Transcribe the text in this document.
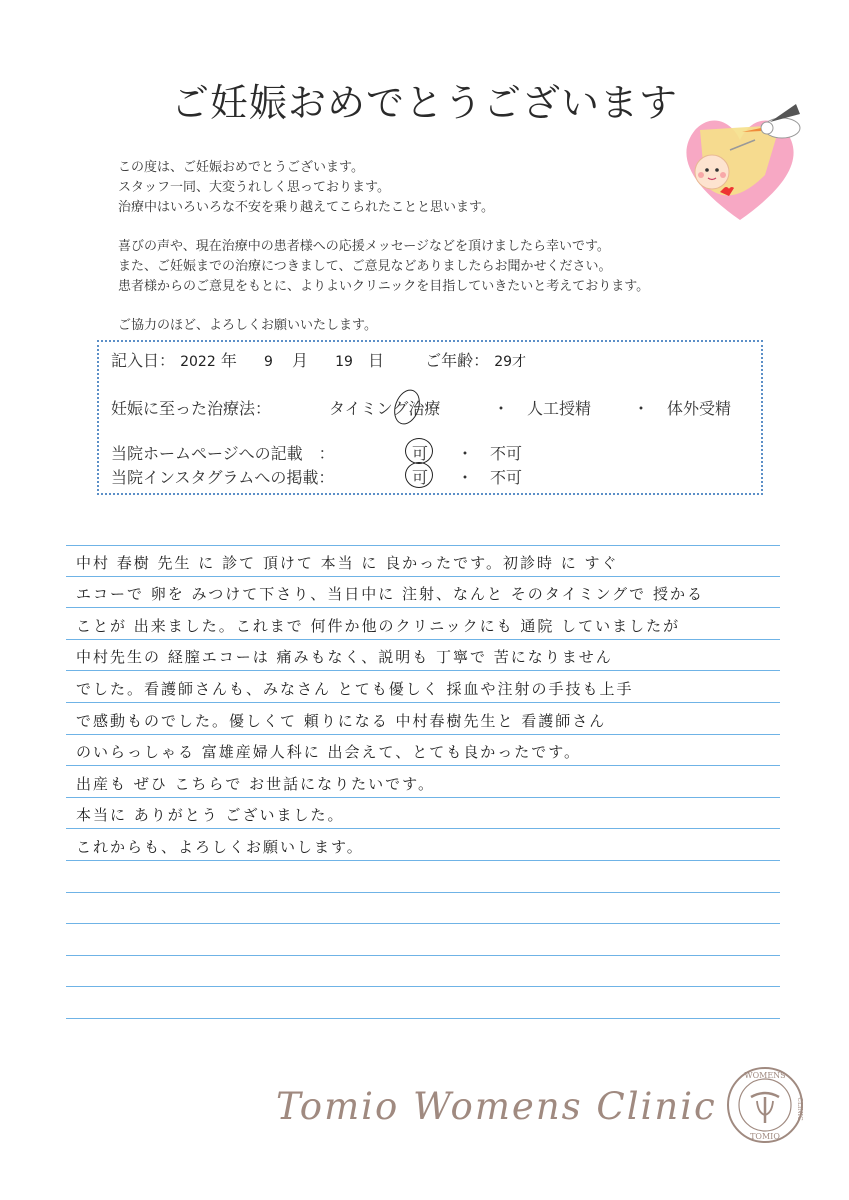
ご妊娠おめでとうございます

この度は、ご妊娠おめでとうございます。

スタッフ一同、大変うれしく思っております。

治療中はいろいろな不安を乗り越えてこられたことと思います。

喜びの声や、現在治療中の患者様への応援メッセージなどを頂けましたら幸いです。

また、ご妊娠までの治療につきまして、ご意見などありましたらお聞かせください。

患者様からのご意見をもとに、よりよいクリニックを目指していきたいと考えております。

ご協力のほど、よろしくお願いいたします。

記入日： 2022 年 9 月 19 日	ご年齢： 29才
妊娠に至った治療法：	タイミング治療	・ 人工授精	・ 体外受精
当院ホームページへの記載　：	可 ・ 不可
当院インスタグラムへの掲載：	可 ・ 不可
中村 春樹 先生 に 診て 頂けて 本当 に 良かったです。初診時 に すぐ
エコーで 卵を みつけて下さり、当日中に 注射、なんと そのタイミングで 授かる
ことが 出来ました。これまで 何件か他のクリニックにも 通院 していましたが
中村先生の 経膣エコーは 痛みもなく、説明も 丁寧で 苦になりません
でした。看護師さんも、みなさん とても優しく 採血や注射の手技も上手
で感動ものでした。優しくて 頼りになる 中村春樹先生と 看護師さん
のいらっしゃる 富雄産婦人科に 出会えて、とても良かったです。
出産も ぜひ こちらで お世話になりたいです。
本当に ありがとう ございました。
これからも、よろしくお願いします。
Tomio Womens Clinic
WOMENS
TOMIO
CLINIC
